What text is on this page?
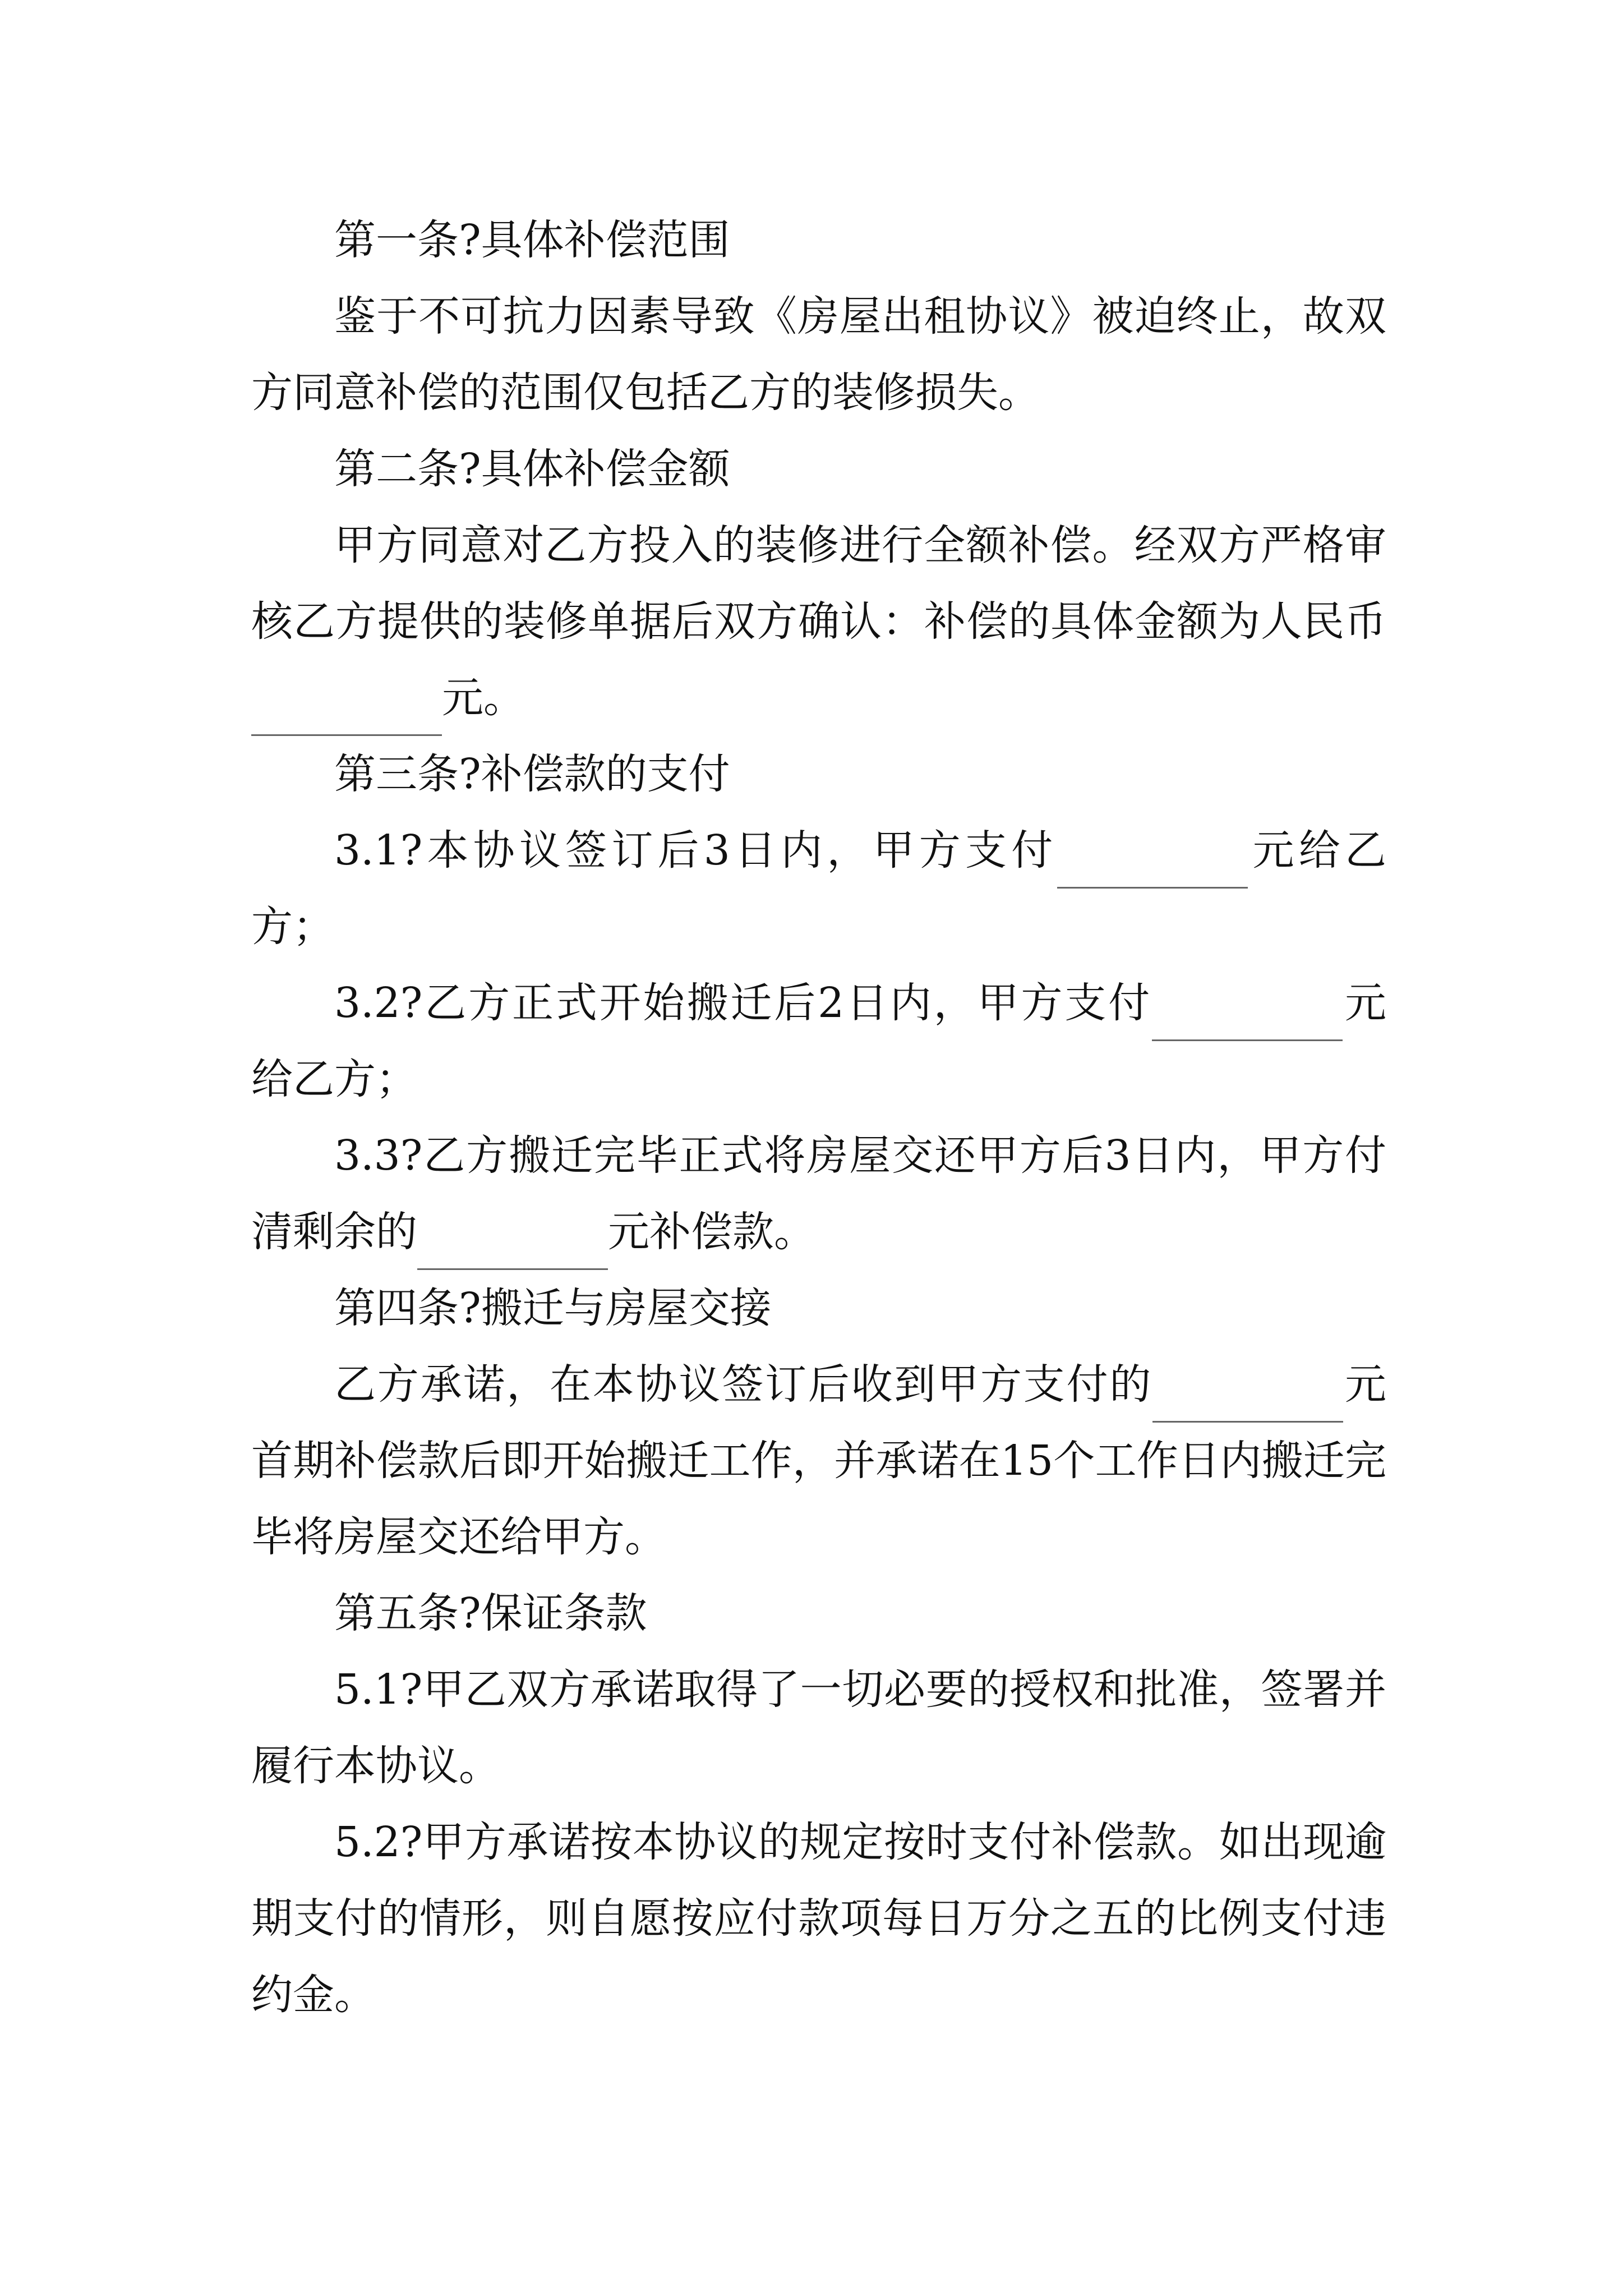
第一条?具体补偿范围

鉴于不可抗力因素导致《房屋出租协议》被迫终止，故双方同意补偿的范围仅包括乙方的装修损失。

第二条?具体补偿金额

甲方同意对乙方投入的装修进行全额补偿。经双方严格审核乙方提供的装修单据后双方确认：补偿的具体金额为人民币元。

第三条?补偿款的支付

3.1?本协议签订后3日内，甲方支付	元给乙方；

3.2?乙方正式开始搬迁后2日内，甲方支付	元给乙方；

3.3?乙方搬迁完毕正式将房屋交还甲方后3日内，甲方付清剩余的	元补偿款。

第四条?搬迁与房屋交接

乙方承诺，在本协议签订后收到甲方支付的	元首期补偿款后即开始搬迁工作，并承诺在15个工作日内搬迁完毕将房屋交还给甲方。

第五条?保证条款

5.1?甲乙双方承诺取得了一切必要的授权和批准，签署并履行本协议。

5.2?甲方承诺按本协议的规定按时支付补偿款。如出现逾期支付的情形，则自愿按应付款项每日万分之五的比例支付违约金。
